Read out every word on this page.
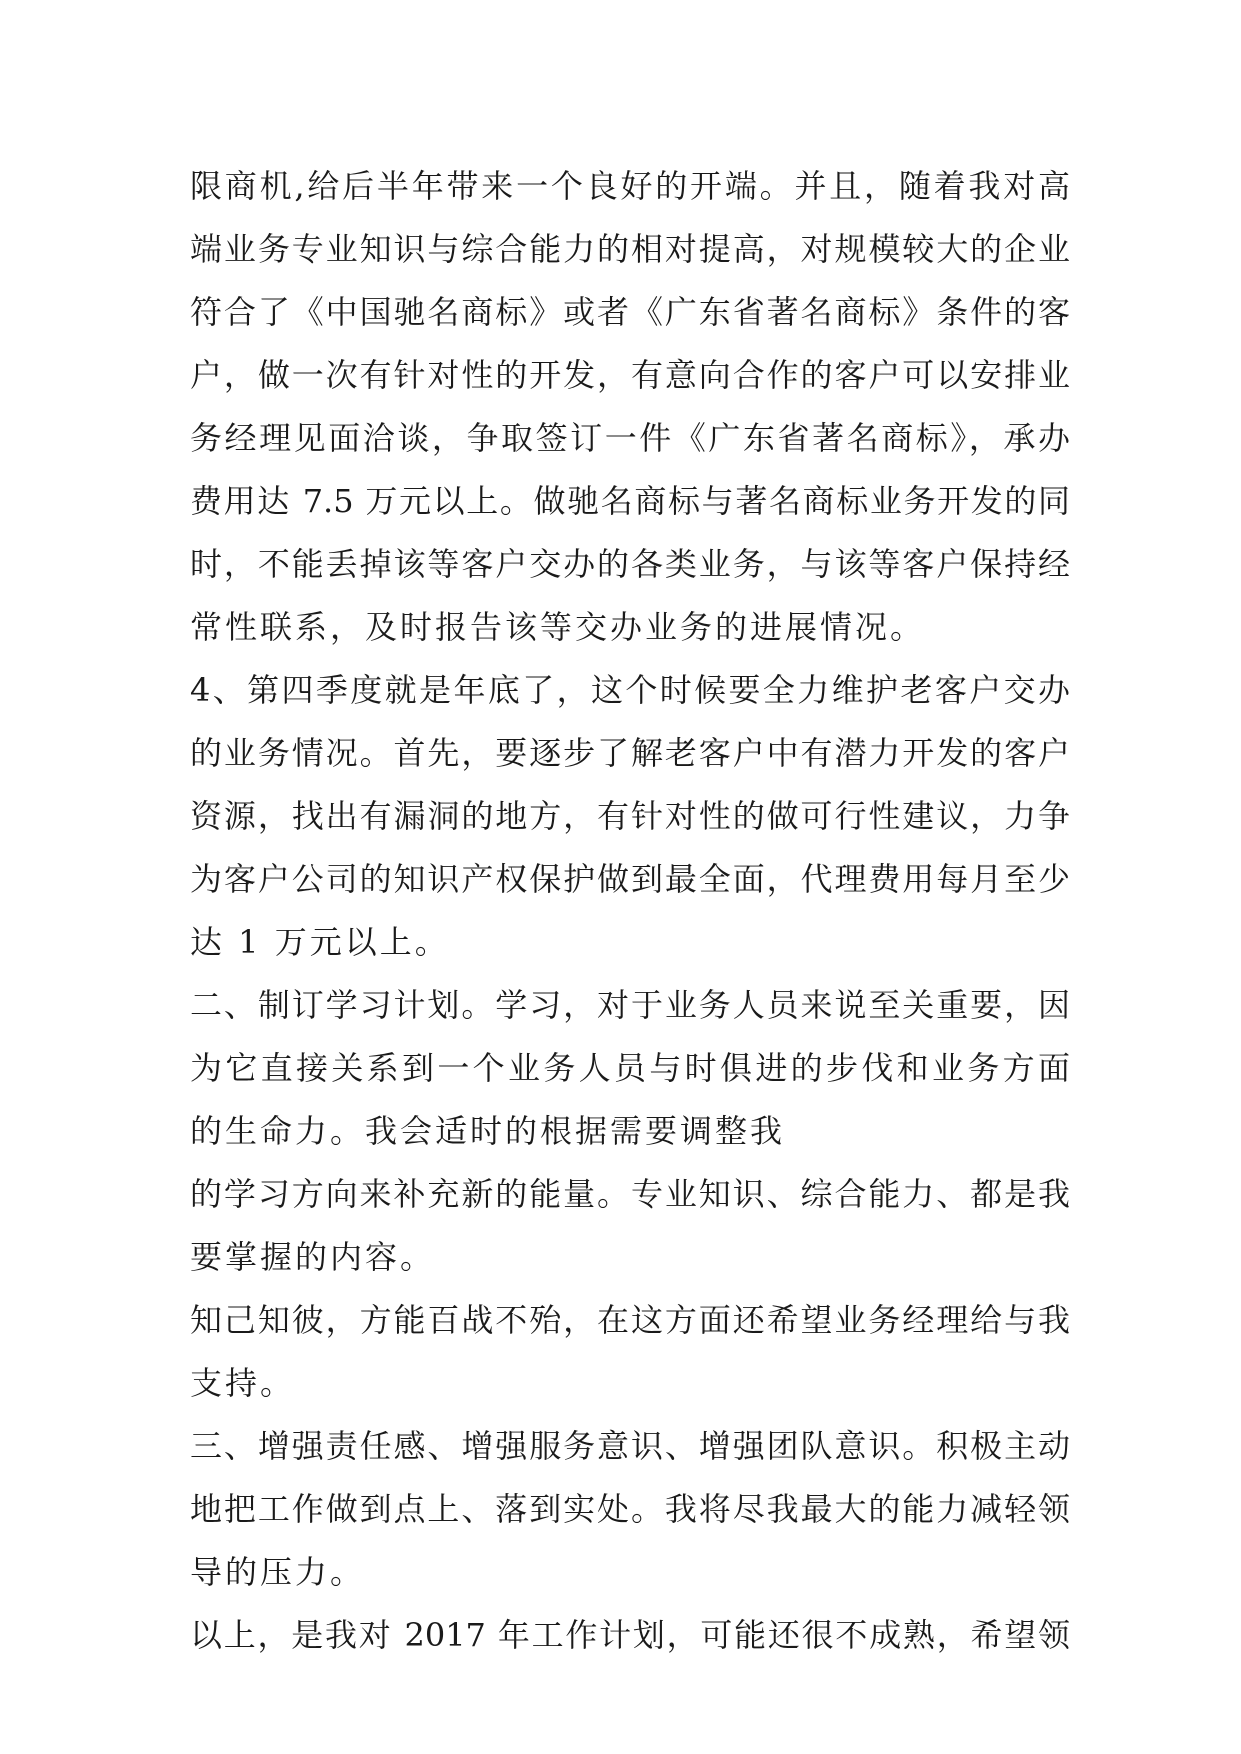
限商机,给后半年带来一个良好的开端。并且，随着我对高
端业务专业知识与综合能力的相对提高，对规模较大的企业
符合了《中国驰名商标》或者《广东省著名商标》条件的客
户，做一次有针对性的开发，有意向合作的客户可以安排业
务经理见面洽谈，争取签订一件《广东省著名商标》，承办
费用达 7.5 万元以上。做驰名商标与著名商标业务开发的同
时，不能丢掉该等客户交办的各类业务，与该等客户保持经
常性联系，及时报告该等交办业务的进展情况。
4、第四季度就是年底了，这个时候要全力维护老客户交办
的业务情况。首先，要逐步了解老客户中有潜力开发的客户
资源，找出有漏洞的地方，有针对性的做可行性建议，力争
为客户公司的知识产权保护做到最全面，代理费用每月至少
达 1 万元以上。
二、制订学习计划。学习，对于业务人员来说至关重要，因
为它直接关系到一个业务人员与时俱进的步伐和业务方面
的生命力。我会适时的根据需要调整我
的学习方向来补充新的能量。专业知识、综合能力、都是我
要掌握的内容。
知己知彼，方能百战不殆，在这方面还希望业务经理给与我
支持。
三、增强责任感、增强服务意识、增强团队意识。积极主动
地把工作做到点上、落到实处。我将尽我最大的能力减轻领
导的压力。
以上，是我对 2017 年工作计划，可能还很不成熟，希望领
